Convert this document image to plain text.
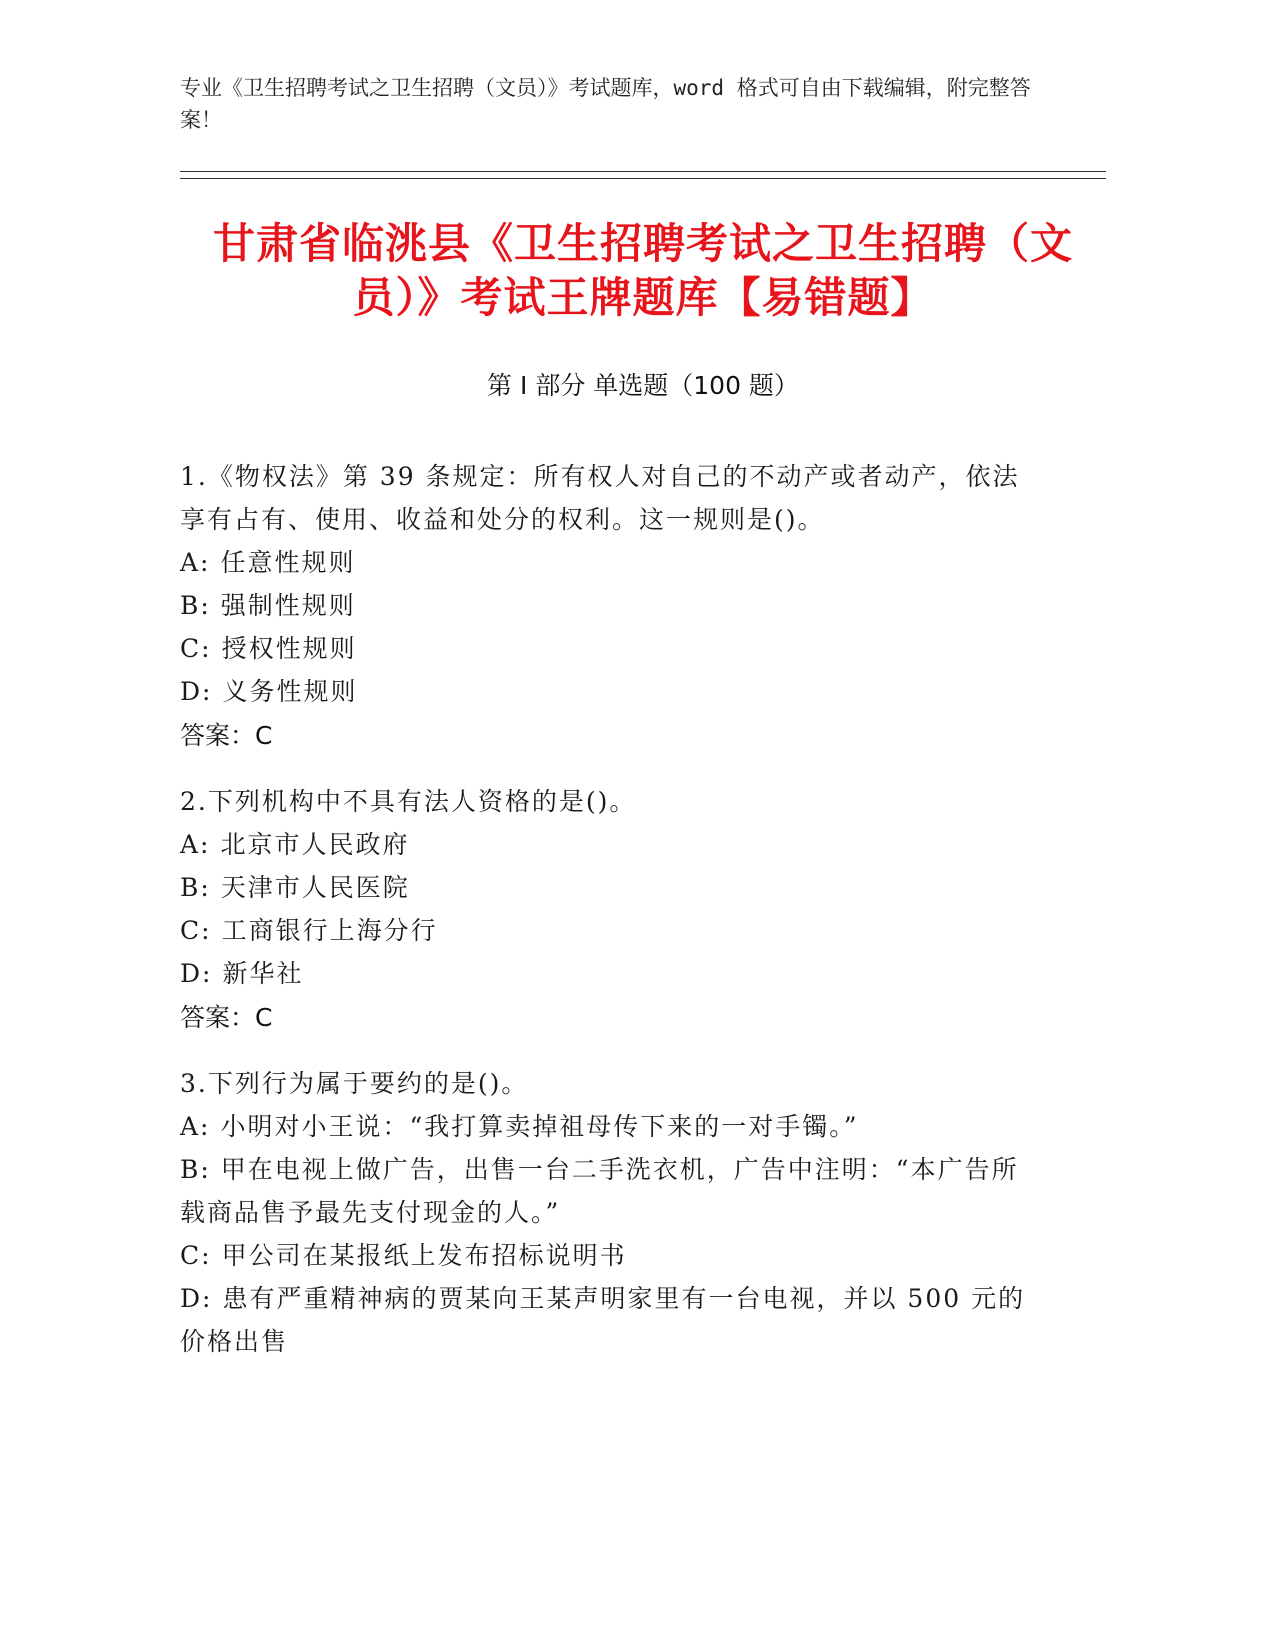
专业《卫生招聘考试之卫生招聘（文员）》考试题库，word 格式可自由下载编辑，附完整答案！
甘肃省临洮县《卫生招聘考试之卫生招聘（文员）》考试王牌题库【易错题】
第 I 部分 单选题（100 题）
1.《物权法》第 39 条规定：所有权人对自己的不动产或者动产，依法享有占有、使用、收益和处分的权利。这一规则是()。
A: 任意性规则
B: 强制性规则
C: 授权性规则
D: 义务性规则
答案：C
2.下列机构中不具有法人资格的是()。
A: 北京市人民政府
B: 天津市人民医院
C: 工商银行上海分行
D: 新华社
答案：C
3.下列行为属于要约的是()。
A: 小明对小王说：“我打算卖掉祖母传下来的一对手镯。”
B: 甲在电视上做广告，出售一台二手洗衣机，广告中注明：“本广告所载商品售予最先支付现金的人。”
C: 甲公司在某报纸上发布招标说明书
D: 患有严重精神病的贾某向王某声明家里有一台电视，并以 500 元的价格出售
